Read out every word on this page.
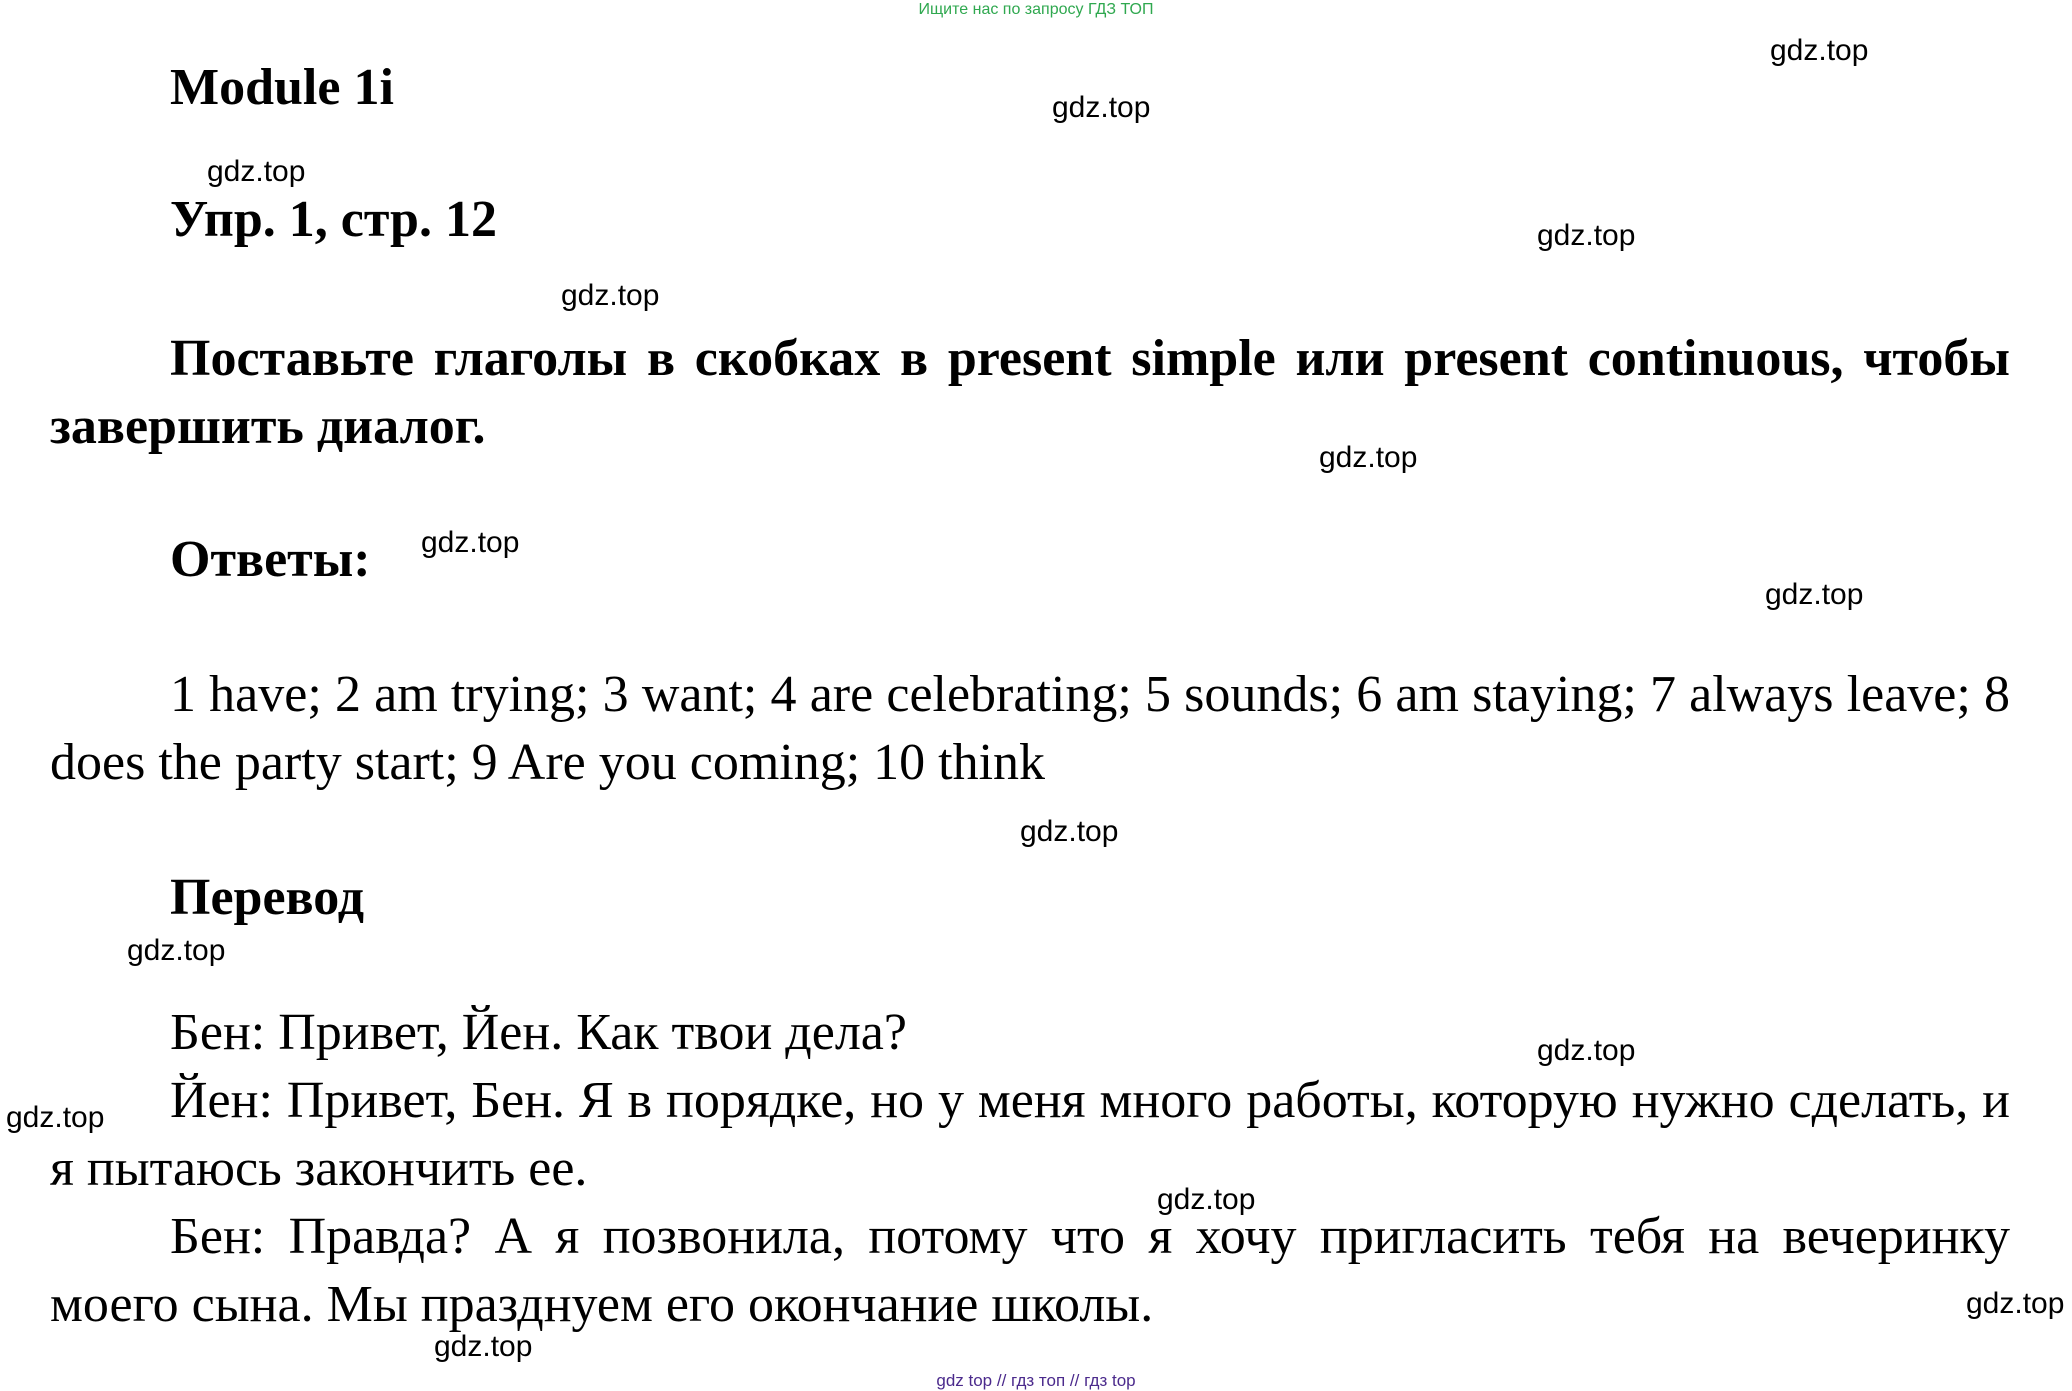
Ищите нас по запросу ГДЗ ТОП
Module 1i
Упр. 1, стр. 12
Поставьте глаголы в скобках в present simple или present continuous, чтобы завершить диалог.
Ответы:
1 have; 2 am trying; 3 want; 4 are celebrating; 5 sounds; 6 am staying; 7 always leave; 8 does the party start; 9 Are you coming; 10 think
Перевод
Бен: Привет, Йен. Как твои дела?
Йен: Привет, Бен. Я в порядке, но у меня много работы, которую нужно сделать, и я пытаюсь закончить ее.
Бен: Правда? А я позвонила, потому что я хочу пригласить тебя на вечеринку моего сына. Мы празднуем его окончание школы.
gdz.top
gdz.top
gdz.top
gdz.top
gdz.top
gdz.top
gdz.top
gdz.top
gdz.top
gdz.top
gdz.top
gdz.top
gdz.top
gdz.top
gdz.top
gdz top // гдз топ // гдз top
